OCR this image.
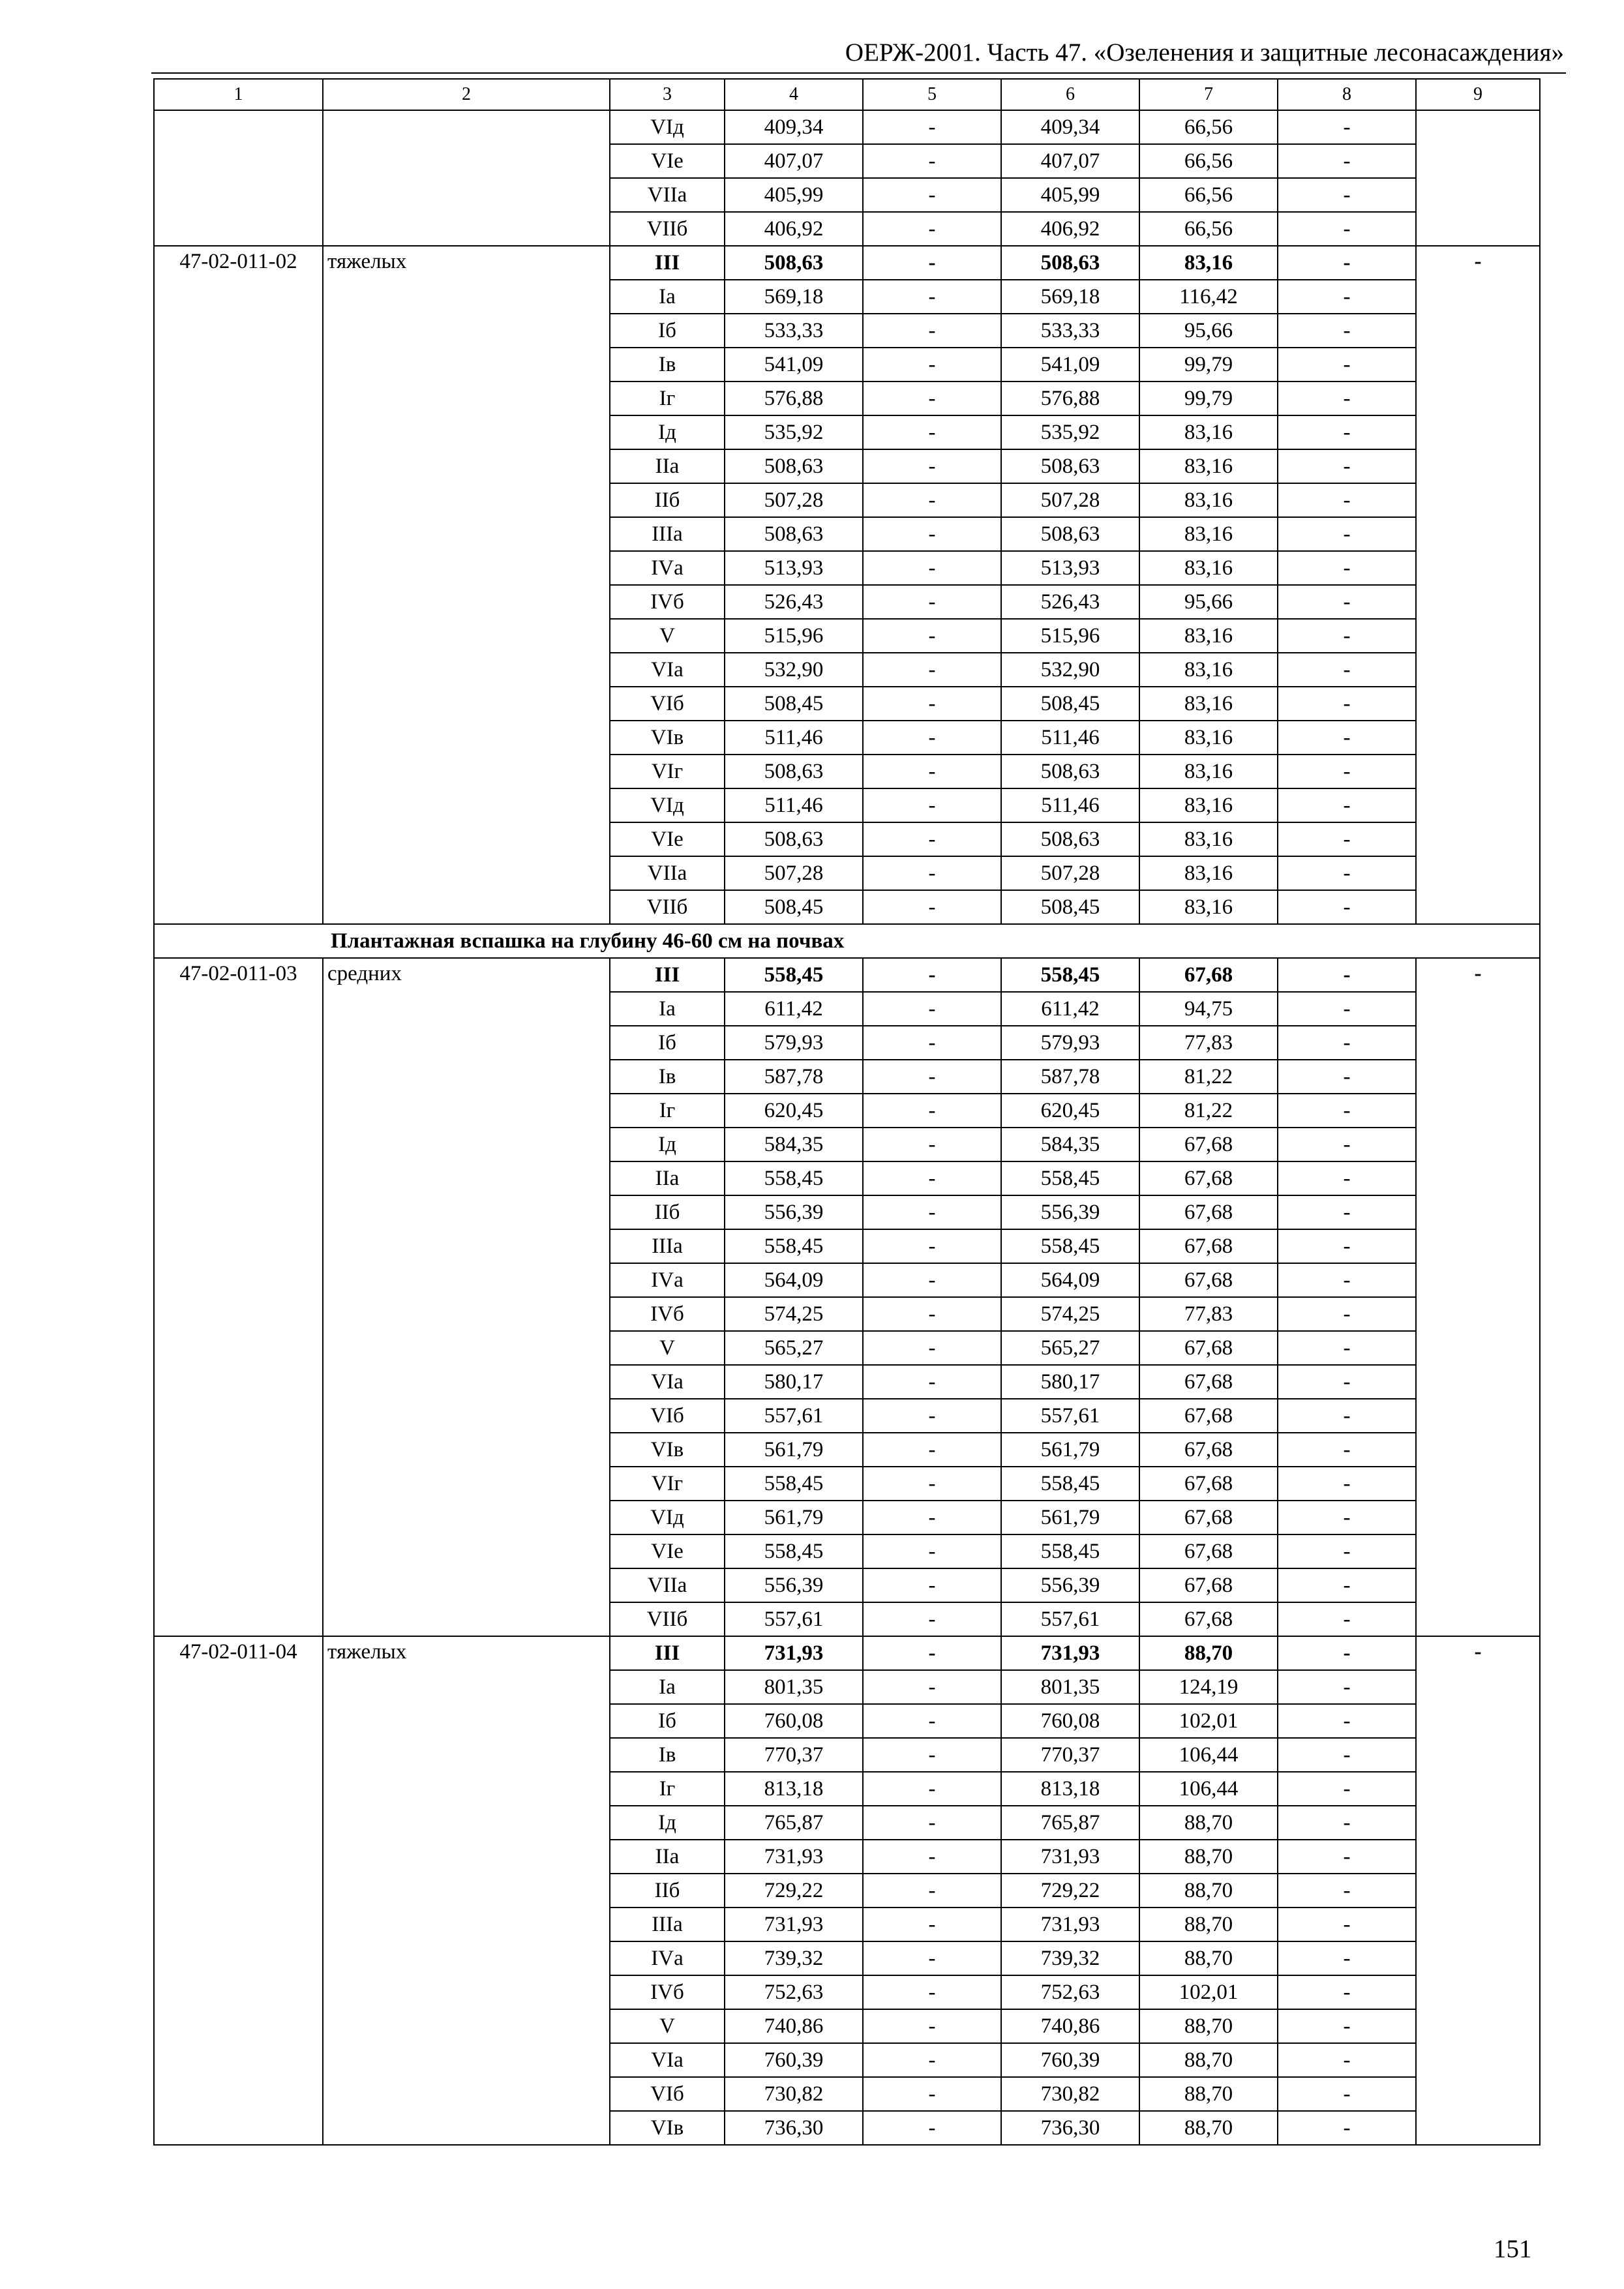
ОЕРЖ-2001. Часть 47. «Озеленения и защитные лесонасаждения»
1	2	3	4	5	6	7	8	9
		VIд	409,34	-	409,34	66,56	-	
		VIе	407,07	-	407,07	66,56	-	
		VIIа	405,99	-	405,99	66,56	-	
		VIIб	406,92	-	406,92	66,56	-	
47-02-011-02	тяжелых	III	508,63	-	508,63	83,16	-	-
		Iа	569,18	-	569,18	116,42	-	
		Iб	533,33	-	533,33	95,66	-	
		Iв	541,09	-	541,09	99,79	-	
		Iг	576,88	-	576,88	99,79	-	
		Iд	535,92	-	535,92	83,16	-	
		IIа	508,63	-	508,63	83,16	-	
		IIб	507,28	-	507,28	83,16	-	
		IIIа	508,63	-	508,63	83,16	-	
		IVа	513,93	-	513,93	83,16	-	
		IVб	526,43	-	526,43	95,66	-	
		V	515,96	-	515,96	83,16	-	
		VIа	532,90	-	532,90	83,16	-	
		VIб	508,45	-	508,45	83,16	-	
		VIв	511,46	-	511,46	83,16	-	
		VIг	508,63	-	508,63	83,16	-	
		VIд	511,46	-	511,46	83,16	-	
		VIе	508,63	-	508,63	83,16	-	
		VIIа	507,28	-	507,28	83,16	-	
		VIIб	508,45	-	508,45	83,16	-	
Плантажная вспашка на глубину 46-60 см на почвах								
47-02-011-03	средних	III	558,45	-	558,45	67,68	-	-
		Iа	611,42	-	611,42	94,75	-	
		Iб	579,93	-	579,93	77,83	-	
		Iв	587,78	-	587,78	81,22	-	
		Iг	620,45	-	620,45	81,22	-	
		Iд	584,35	-	584,35	67,68	-	
		IIа	558,45	-	558,45	67,68	-	
		IIб	556,39	-	556,39	67,68	-	
		IIIа	558,45	-	558,45	67,68	-	
		IVа	564,09	-	564,09	67,68	-	
		IVб	574,25	-	574,25	77,83	-	
		V	565,27	-	565,27	67,68	-	
		VIа	580,17	-	580,17	67,68	-	
		VIб	557,61	-	557,61	67,68	-	
		VIв	561,79	-	561,79	67,68	-	
		VIг	558,45	-	558,45	67,68	-	
		VIд	561,79	-	561,79	67,68	-	
		VIе	558,45	-	558,45	67,68	-	
		VIIа	556,39	-	556,39	67,68	-	
		VIIб	557,61	-	557,61	67,68	-	
47-02-011-04	тяжелых	III	731,93	-	731,93	88,70	-	-
		Iа	801,35	-	801,35	124,19	-	
		Iб	760,08	-	760,08	102,01	-	
		Iв	770,37	-	770,37	106,44	-	
		Iг	813,18	-	813,18	106,44	-	
		Iд	765,87	-	765,87	88,70	-	
		IIа	731,93	-	731,93	88,70	-	
		IIб	729,22	-	729,22	88,70	-	
		IIIа	731,93	-	731,93	88,70	-	
		IVа	739,32	-	739,32	88,70	-	
		IVб	752,63	-	752,63	102,01	-	
		V	740,86	-	740,86	88,70	-	
		VIа	760,39	-	760,39	88,70	-	
		VIб	730,82	-	730,82	88,70	-	
		VIв	736,30	-	736,30	88,70	-	
151
